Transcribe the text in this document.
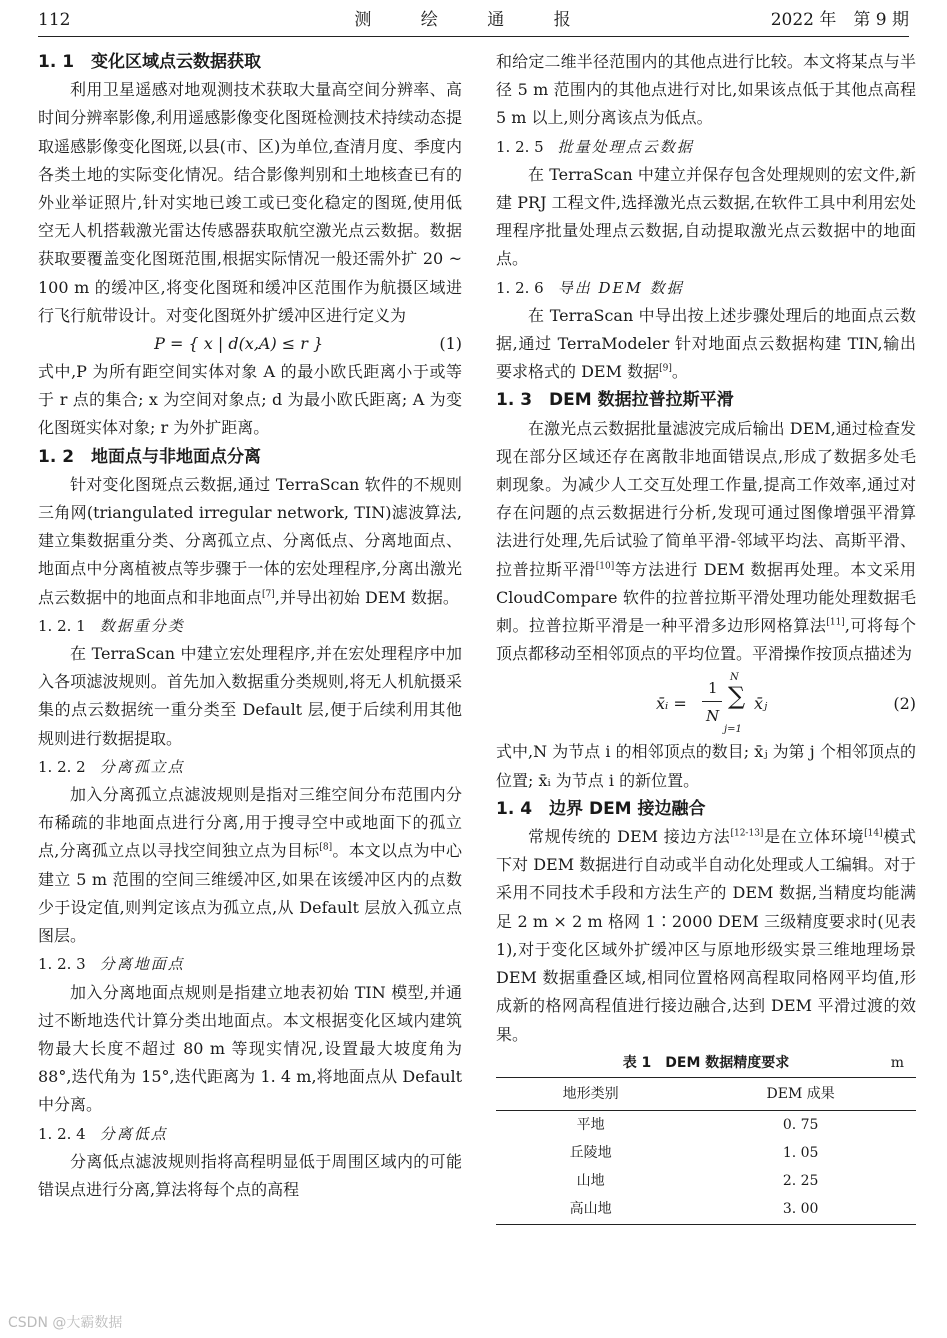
112	测 绘 通 报	2022 年　第 9 期
1. 1　变化区域点云数据获取

利用卫星遥感对地观测技术获取大量高空间分辨率、高时间分辨率影像,利用遥感影像变化图斑检测技术持续动态提取遥感影像变化图斑,以县(市、区)为单位,查清月度、季度内各类土地的实际变化情况。结合影像判别和土地核查已有的外业举证照片,针对实地已竣工或已变化稳定的图斑,使用低空无人机搭载激光雷达传感器获取航空激光点云数据。数据获取要覆盖变化图斑范围,根据实际情况一般还需外扩 20 ~ 100 m 的缓冲区,将变化图斑和缓冲区范围作为航摄区域进行飞行航带设计。对变化图斑外扩缓冲区进行定义为

P = { x | d(x,A) ≤ r }	(1)

式中,P 为所有距空间实体对象 A 的最小欧氏距离小于或等于 r 点的集合; x 为空间对象点; d 为最小欧氏距离; A 为变化图斑实体对象; r 为外扩距离。

1. 2　地面点与非地面点分离

针对变化图斑点云数据,通过 TerraScan 软件的不规则三角网(triangulated irregular network, TIN)滤波算法,建立集数据重分类、分离孤立点、分离低点、分离地面点、地面点中分离植被点等步骤于一体的宏处理程序,分离出激光点云数据中的地面点和非地面点[7],并导出初始 DEM 数据。

1. 2. 1 数据重分类

在 TerraScan 中建立宏处理程序,并在宏处理程序中加入各项滤波规则。首先加入数据重分类规则,将无人机航摄采集的点云数据统一重分类至 Default 层,便于后续利用其他规则进行数据提取。

1. 2. 2 分离孤立点

加入分离孤立点滤波规则是指对三维空间分布范围内分布稀疏的非地面点进行分离,用于搜寻空中或地面下的孤立点,分离孤立点以寻找空间独立点为目标[8]。本文以点为中心建立 5 m 范围的空间三维缓冲区,如果在该缓冲区内的点数少于设定值,则判定该点为孤立点,从 Default 层放入孤立点图层。

1. 2. 3 分离地面点

加入分离地面点规则是指建立地表初始 TIN 模型,并通过不断地迭代计算分类出地面点。本文根据变化区域内建筑物最大长度不超过 80 m 等现实情况,设置最大坡度角为 88°,迭代角为 15°,迭代距离为 1. 4 m,将地面点从 Default 中分离。

1. 2. 4 分离低点

分离低点滤波规则指将高程明显低于周围区域内的可能错误点进行分离,算法将每个点的高程

和给定二维半径范围内的其他点进行比较。本文将某点与半径 5 m 范围内的其他点进行对比,如果该点低于其他点高程 5 m 以上,则分离该点为低点。

1. 2. 5 批量处理点云数据

在 TerraScan 中建立并保存包含处理规则的宏文件,新建 PRJ 工程文件,选择激光点云数据,在软件工具中利用宏处理程序批量处理点云数据,自动提取激光点云数据中的地面点。

1. 2. 6 导出 DEM 数据

在 TerraScan 中导出按上述步骤处理后的地面点云数据,通过 TerraModeler 针对地面点云数据构建 TIN,输出要求格式的 DEM 数据[9]。

1. 3　DEM 数据拉普拉斯平滑

在激光点云数据批量滤波完成后输出 DEM,通过检查发现在部分区域还存在离散非地面错误点,形成了数据多处毛刺现象。为减少人工交互处理工作量,提高工作效率,通过对存在问题的点云数据进行分析,发现可通过图像增强平滑算法进行处理,先后试验了简单平滑-邻域平均法、高斯平滑、拉普拉斯平滑[10]等方法进行 DEM 数据再处理。本文采用 CloudCompare 软件的拉普拉斯平滑处理功能处理数据毛刺。拉普拉斯平滑是一种平滑多边形网格算法[11],可将每个顶点都移动至相邻顶点的平均位置。平滑操作按顶点描述为

x̄ᵢ =
1
N
N
∑
j=1
x̄ⱼ	(2)

式中,N 为节点 i 的相邻顶点的数目; x̄ⱼ 为第 j 个相邻顶点的位置; x̄ᵢ 为节点 i 的新位置。

1. 4　边界 DEM 接边融合

常规传统的 DEM 接边方法[12-13]是在立体环境[14]模式下对 DEM 数据进行自动或半自动化处理或人工编辑。对于采用不同技术手段和方法生产的 DEM 数据,当精度均能满足 2 m × 2 m 格网 1∶2000 DEM 三级精度要求时(见表 1),对于变化区域外扩缓冲区与原地形级实景三维地理场景 DEM 数据重叠区域,相同位置格网高程取同格网平均值,形成新的格网高程值进行接边融合,达到 DEM 平滑过渡的效果。

表 1　DEM 数据精度要求	m
地形类别	DEM 成果
平地	0. 75
丘陵地	1. 05
山地	2. 25
高山地	3. 00
CSDN @大霸数据
